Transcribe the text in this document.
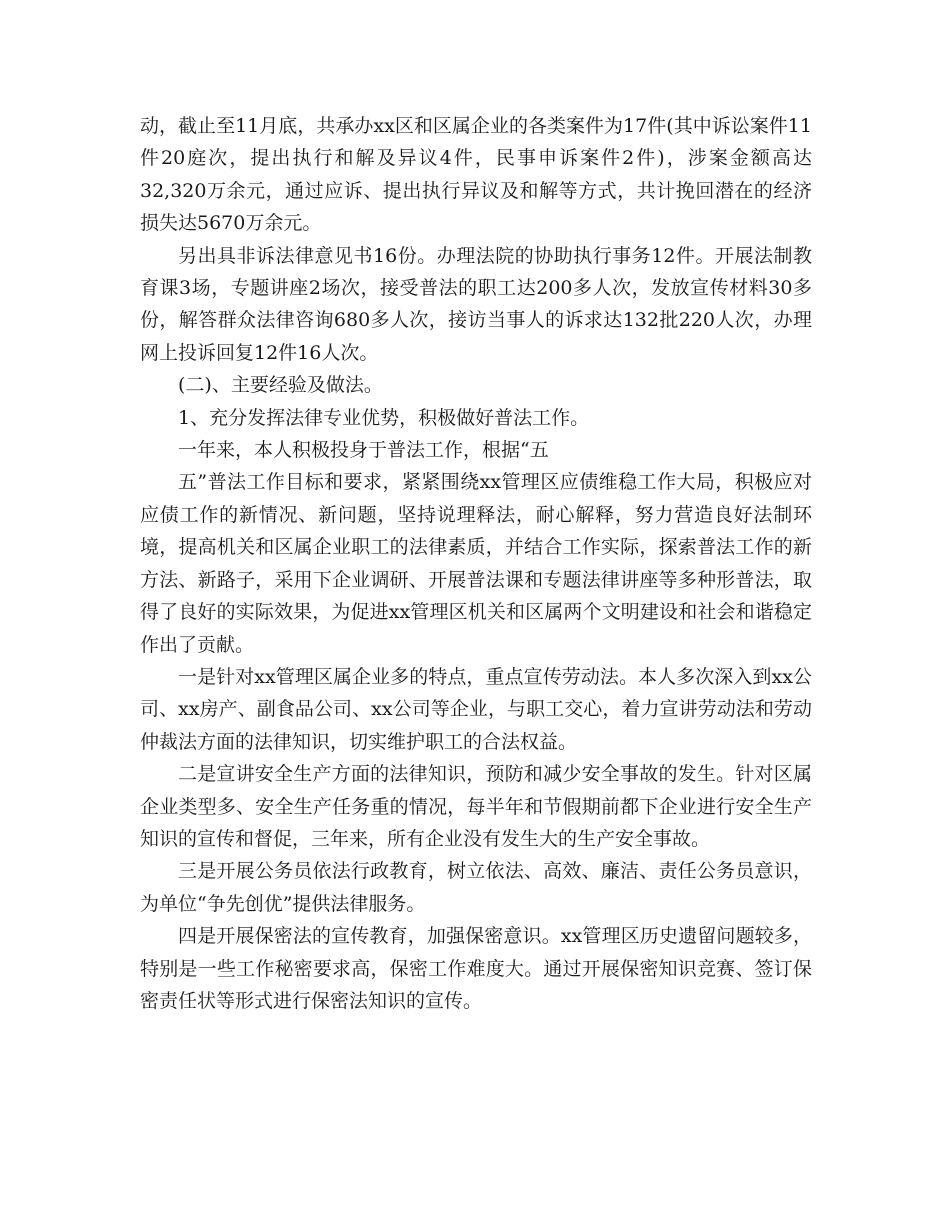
动，截止至11月底，共承办xx区和区属企业的各类案件为17件(其中诉讼案件11件20庭次，提出执行和解及异议4件，民事申诉案件2件)，涉案金额高达32,320万余元，通过应诉、提出执行异议及和解等方式，共计挽回潜在的经济损失达5670万余元。

另出具非诉法律意见书16份。办理法院的协助执行事务12件。开展法制教育课3场，专题讲座2场次，接受普法的职工达200多人次，发放宣传材料30多份，解答群众法律咨询680多人次，接访当事人的诉求达132批220人次，办理网上投诉回复12件16人次。

(二)、主要经验及做法。

1、充分发挥法律专业优势，积极做好普法工作。

一年来，本人积极投身于普法工作，根据“五

五”普法工作目标和要求，紧紧围绕xx管理区应债维稳工作大局，积极应对应债工作的新情况、新问题，坚持说理释法，耐心解释，努力营造良好法制环境，提高机关和区属企业职工的法律素质，并结合工作实际，探索普法工作的新方法、新路子，采用下企业调研、开展普法课和专题法律讲座等多种形普法，取得了良好的实际效果，为促进xx管理区机关和区属两个文明建设和社会和谐稳定作出了贡献。

一是针对xx管理区属企业多的特点，重点宣传劳动法。本人多次深入到xx公司、xx房产、副食品公司、xx公司等企业，与职工交心，着力宣讲劳动法和劳动仲裁法方面的法律知识，切实维护职工的合法权益。

二是宣讲安全生产方面的法律知识，预防和减少安全事故的发生。针对区属企业类型多、安全生产任务重的情况，每半年和节假期前都下企业进行安全生产知识的宣传和督促，三年来，所有企业没有发生大的生产安全事故。

三是开展公务员依法行政教育，树立依法、高效、廉洁、责任公务员意识，为单位“争先创优”提供法律服务。

四是开展保密法的宣传教育，加强保密意识。xx管理区历史遗留问题较多，特别是一些工作秘密要求高，保密工作难度大。通过开展保密知识竞赛、签订保密责任状等形式进行保密法知识的宣传。
